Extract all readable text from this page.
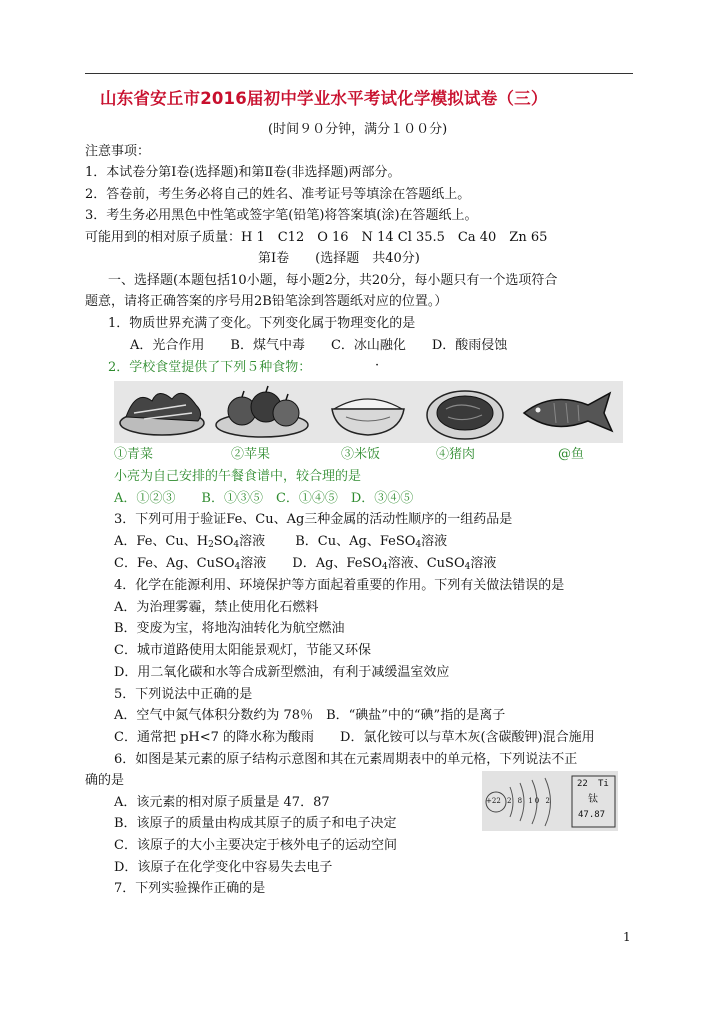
山东省安丘市2016届初中学业水平考试化学模拟试卷（三）
(时间９０分钟，满分１００分)
注意事项：
1．本试卷分第Ⅰ卷(选择题)和第Ⅱ卷(非选择题)两部分。
2．答卷前，考生务必将自己的姓名、准考证号等填涂在答题纸上。
3．考生务必用黑色中性笔或签字笔(铅笔)将答案填(涂)在答题纸上。
可能用到的相对原子质量：H 1　C12　O 16　N 14 Cl 35.5　Ca 40　Zn 65
第Ⅰ卷　　(选择题　共40分)
一、选择题(本题包括10小题，每小题2分，共20分，每小题只有一个选项符合
题意，请将正确答案的序号用2B铅笔涂到答题纸对应的位置。）
1．物质世界充满了变化。下列变化属于物理变化的是
A．光合作用　　B．煤气中毒　　C．冰山融化　　D．酸雨侵蚀
2．学校食堂提供了下列５种食物：	·
①青菜	②苹果	③米饭	④猪肉	@鱼
小亮为自己安排的午餐食谱中，较合理的是
A．①②③　　B．①③⑤　C．①④⑤　D．③④⑤
3．下列可用于验证Fe、Cu、Ag三种金属的活动性顺序的一组药品是
A．Fe、Cu、$H_2SO_4$溶液　　 B．Cu、Ag、FeSO$_4$溶液
C．Fe、Ag、CuSO$_4$溶液　　D．Ag、FeSO$_4$溶液、CuSO$_4$溶液
4．化学在能源利用、环境保护等方面起着重要的作用。下列有关做法错误的是
A．为治理雾霾，禁止使用化石燃料
B．变废为宝，将地沟油转化为航空燃油
C．城市道路使用太阳能景观灯，节能又环保
D．用二氧化碳和水等合成新型燃油，有利于减缓温室效应
5．下列说法中正确的是
A．空气中氮气体积分数约为 78％　B．“碘盐”中的“碘”指的是离子
C．通常把 pH<7 的降水称为酸雨　　D．氯化铵可以与草木灰(含碳酸钾)混合施用
6．如图是某元素的原子结构示意图和其在元素周期表中的单元格，下列说法不正
确的是
+22 2 8 10 2
22 Ti
钛
47.87
A．该元素的相对原子质量是 47．87
B．该原子的质量由构成其原子的质子和电子决定
C．该原子的大小主要决定于核外电子的运动空间
D．该原子在化学变化中容易失去电子
7．下列实验操作正确的是
1
